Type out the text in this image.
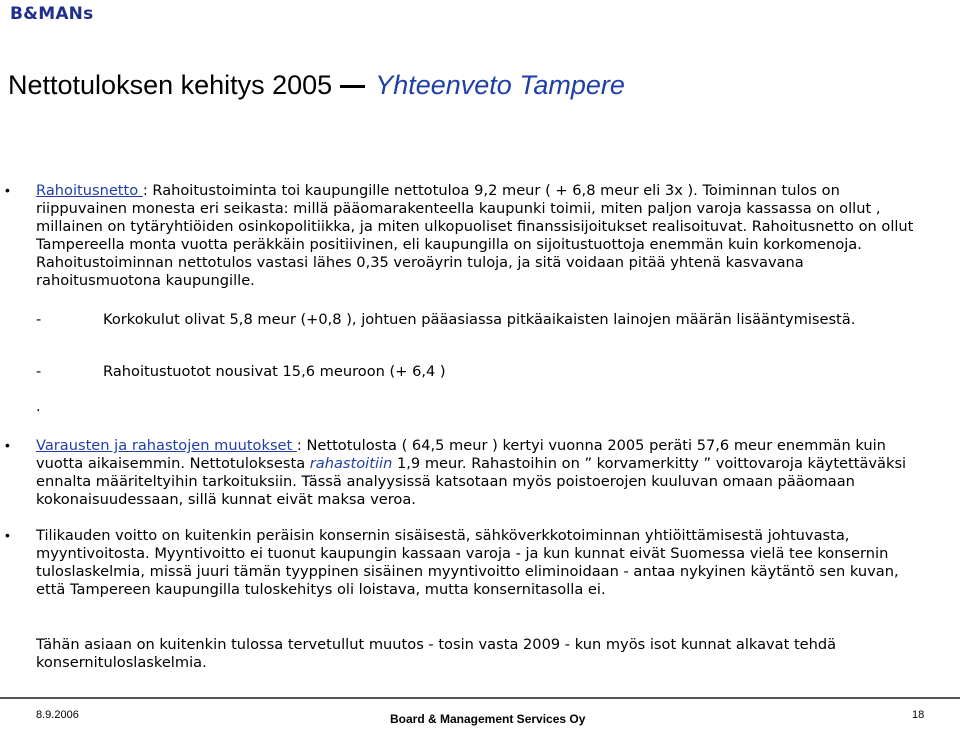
B&MANs
Nettotuloksen kehitys 2005 Yhteenveto Tampere
• Rahoitusnetto : Rahoitustoiminta toi kaupungille nettotuloa 9,2 meur ( + 6,8 meur eli 3x ). Toiminnan tulos on riippuvainen monesta eri seikasta: millä pääomarakenteella kaupunki toimii, miten paljon varoja kassassa on ollut , millainen on tytäryhtiöiden osinkopolitiikka, ja miten ulkopuoliset finanssisijoitukset realisoituvat. Rahoitusnetto on ollut Tampereella monta vuotta peräkkäin positiivinen, eli kaupungilla on sijoitustuottoja enemmän kuin korkomenoja. Rahoitustoiminnan nettotulos vastasi lähes 0,35 veroäyrin tuloja, ja sitä voidaan pitää yhtenä kasvavana rahoitusmuotona kaupungille.
-	Korkokulut olivat 5,8 meur (+0,8 ), johtuen pääasiassa pitkäaikaisten lainojen määrän lisääntymisestä.
-	Rahoitustuotot nousivat 15,6 meuroon (+ 6,4 )
.
• Varausten ja rahastojen muutokset : Nettotulosta ( 64,5 meur ) kertyi vuonna 2005 peräti 57,6 meur enemmän kuin vuotta aikaisemmin. Nettotuloksesta rahastoitiin 1,9 meur. Rahastoihin on ” korvamerkitty ” voittovaroja käytettäväksi ennalta määriteltyihin tarkoituksiin. Tässä analyysissä katsotaan myös poistoerojen kuuluvan omaan pääomaan kokonaisuudessaan, sillä kunnat eivät maksa veroa.
• Tilikauden voitto on kuitenkin peräisin konsernin sisäisestä, sähköverkkotoiminnan yhtiöittämisestä johtuvasta, myyntivoitosta. Myyntivoitto ei tuonut kaupungin kassaan varoja - ja kun kunnat eivät Suomessa vielä tee konsernin tuloslaskelmia, missä juuri tämän tyyppinen sisäinen myyntivoitto eliminoidaan - antaa nykyinen käytäntö sen kuvan, että Tampereen kaupungilla tuloskehitys oli loistava, mutta konsernitasolla ei.
Tähän asiaan on kuitenkin tulossa tervetullut muutos - tosin vasta 2009 - kun myös isot kunnat alkavat tehdä konsernituloslaskelmia.
8.9.2006	Board & Management Services Oy	18
